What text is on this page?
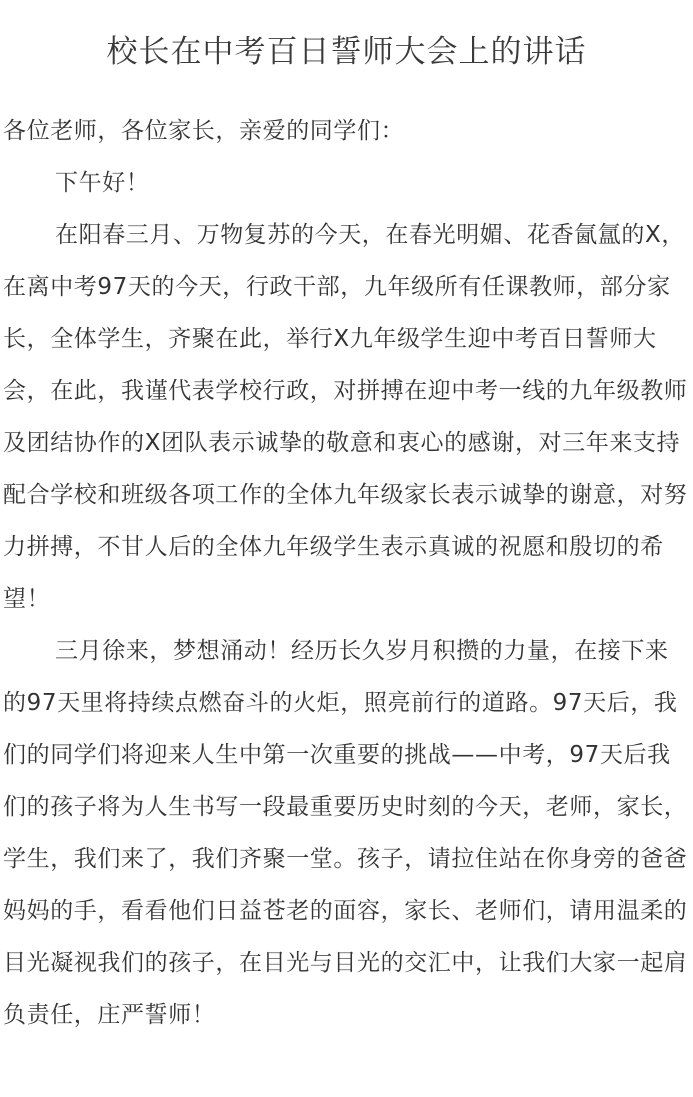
校长在中考百日誓师大会上的讲话

各位老师，各位家长，亲爱的同学们：

下午好！

在阳春三月、万物复苏的今天，在春光明媚、花香氤氲的X，在离中考97天的今天，行政干部，九年级所有任课教师，部分家长，全体学生，齐聚在此，举行X九年级学生迎中考百日誓师大会，在此，我谨代表学校行政，对拼搏在迎中考一线的九年级教师及团结协作的X团队表示诚挚的敬意和衷心的感谢，对三年来支持配合学校和班级各项工作的全体九年级家长表示诚挚的谢意，对努力拼搏，不甘人后的全体九年级学生表示真诚的祝愿和殷切的希望！

三月徐来，梦想涌动！经历长久岁月积攒的力量，在接下来的97天里将持续点燃奋斗的火炬，照亮前行的道路。97天后，我们的同学们将迎来人生中第一次重要的挑战——中考，97天后我们的孩子将为人生书写一段最重要历史时刻的今天，老师，家长，学生，我们来了，我们齐聚一堂。孩子，请拉住站在你身旁的爸爸妈妈的手，看看他们日益苍老的面容，家长、老师们，请用温柔的目光凝视我们的孩子，在目光与目光的交汇中，让我们大家一起肩负责任，庄严誓师！
